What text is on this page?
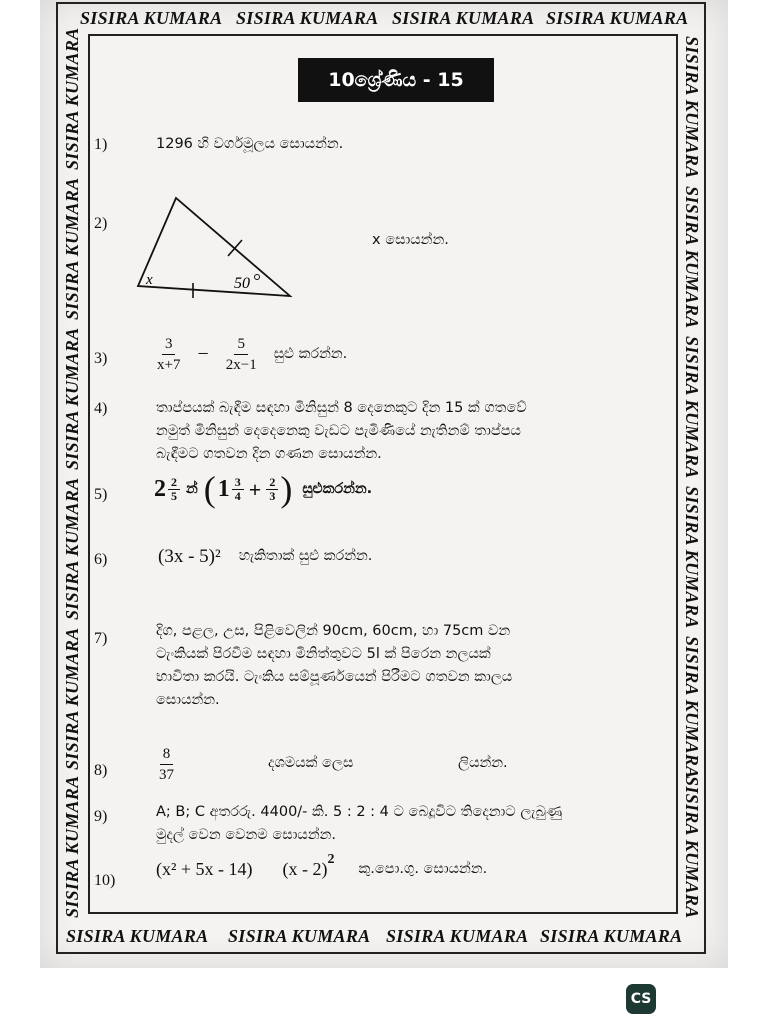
SISIRA KUMARA SISIRA KUMARA SISIRA KUMARA SISIRA KUMARA
SISIRA KUMARA SISIRA KUMARA SISIRA KUMARA SISIRA KUMARA
SISIRA KUMARA
SISIRA KUMARA
SISIRA KUMARA
SISIRA KUMARA
SISIRA KUMARA
SISIRA KUMARA
SISIRA KUMARA
SISIRA KUMARA
SISIRA KUMARA
SISIRA KUMARA
SISIRA KUMARA
SISIRA KUMARA
10ශ්‍රේණිය - 15
1)	1296 හි වර්ගමූලය සොයන්න.
2)
x	50
x සොයන්න.
3)	$\frac{3}{x+7} - \frac{5}{2x-1}$ සුළු කරන්න.
4)	තාප්පයක් බැඳීම සඳහා මිනිසුන් 8 දෙනෙකුට දින 15 ක් ගතවේ
නමුත් මිනිසුන් දෙදෙනෙකු වැඩට පැමිණියේ නැතිනම් තාප්පය
බැඳීමට ගතවන දින ගණන සොයන්න.
5) $2 \frac{2}{5}$ න් ( $1 \frac{3}{4} + \frac{2}{3}$ ) සුළුකරන්න.
6)	(3x - 5)² හැකිතාක් සුළු කරන්න.
7)	දිග, පළල, උස, පිළිවෙලින් 90cm, 60cm, හා 75cm වන
ටැංකියක් පිරවීම සඳහා මිනිත්තුවට 5l ක් පිරෙන නලයක්
භාවිතා කරයි. ටැංකිය සම්පූර්ණයෙන් පිරීමට ගතවන කාලය
සොයන්න.
8)	$\frac{8}{37}$	දශමයක් ලෙස	ලියන්න.
9)	A; B; C අතරරු. 4400/- කි. 5 : 2 : 4 ට බෙදූවිට තිදෙනාට ලැබුණු
මුදල් වෙන වෙනම සොයන්න.
10)
(x² + 5x - 14) (x - 2)$^2$
කු.පො.ගු. සොයන්න.
CS
